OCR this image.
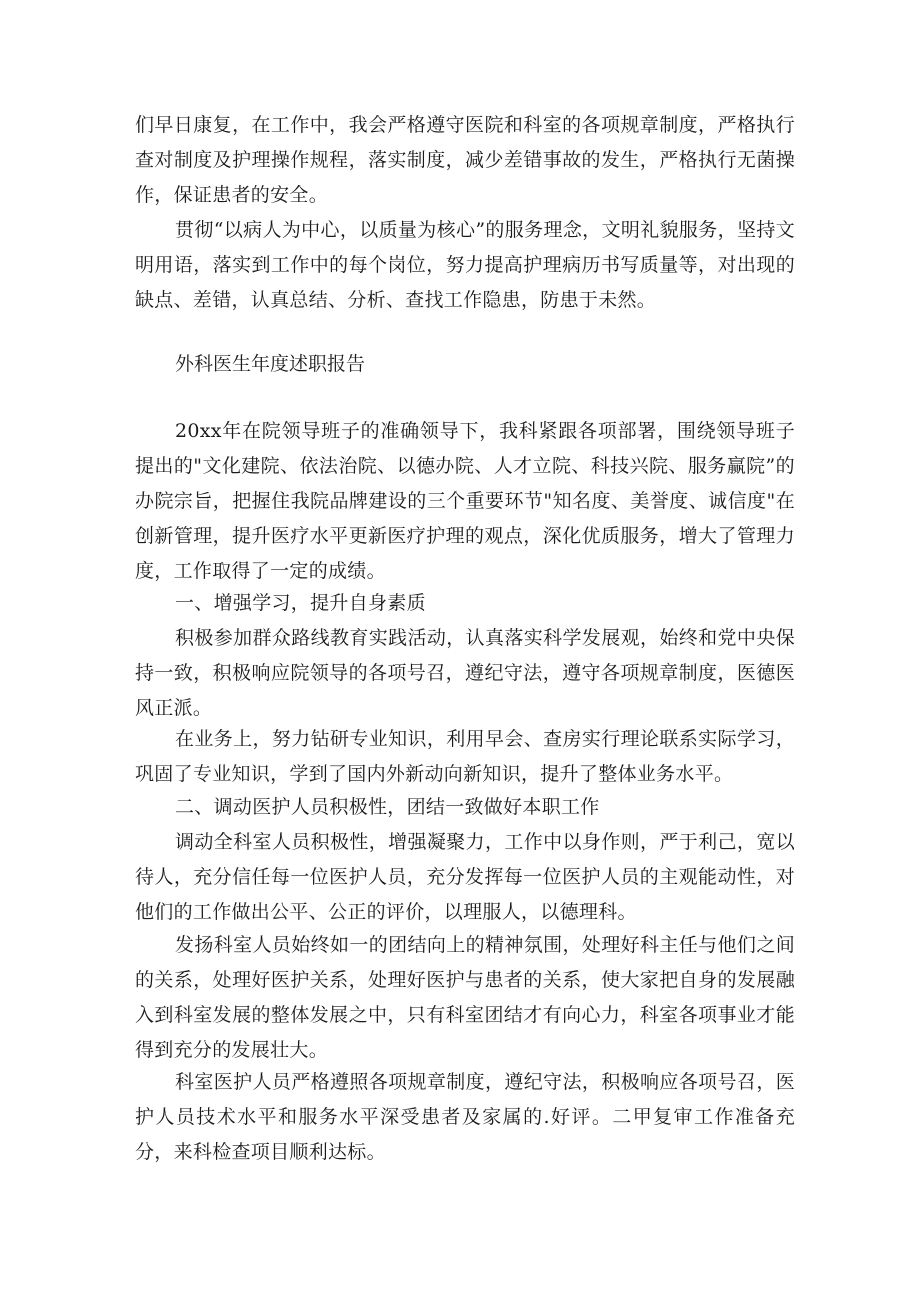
们早日康复，在工作中，我会严格遵守医院和科室的各项规章制度，严格执行查对制度及护理操作规程，落实制度，减少差错事故的发生，严格执行无菌操作，保证患者的安全。

贯彻“以病人为中心，以质量为核心”的服务理念，文明礼貌服务，坚持文明用语，落实到工作中的每个岗位，努力提高护理病历书写质量等，对出现的缺点、差错，认真总结、分析、查找工作隐患，防患于未然。

外科医生年度述职报告

20xx年在院领导班子的准确领导下，我科紧跟各项部署，围绕领导班子提出的"文化建院、依法治院、以德办院、人才立院、科技兴院、服务赢院”的办院宗旨，把握住我院品牌建设的三个重要环节"知名度、美誉度、诚信度"在创新管理，提升医疗水平更新医疗护理的观点，深化优质服务，增大了管理力度，工作取得了一定的成绩。

一、增强学习，提升自身素质

积极参加群众路线教育实践活动，认真落实科学发展观，始终和党中央保持一致，积极响应院领导的各项号召，遵纪守法，遵守各项规章制度，医德医风正派。

在业务上，努力钻研专业知识，利用早会、查房实行理论联系实际学习，巩固了专业知识，学到了国内外新动向新知识，提升了整体业务水平。

二、调动医护人员积极性，团结一致做好本职工作

调动全科室人员积极性，增强凝聚力，工作中以身作则，严于利己，宽以待人，充分信任每一位医护人员，充分发挥每一位医护人员的主观能动性，对他们的工作做出公平、公正的评价，以理服人，以德理科。

发扬科室人员始终如一的团结向上的精神氛围，处理好科主任与他们之间的关系，处理好医护关系，处理好医护与患者的关系，使大家把自身的发展融入到科室发展的整体发展之中，只有科室团结才有向心力，科室各项事业才能得到充分的发展壮大。

科室医护人员严格遵照各项规章制度，遵纪守法，积极响应各项号召，医护人员技术水平和服务水平深受患者及家属的.好评。二甲复审工作准备充分，来科检查项目顺利达标。
